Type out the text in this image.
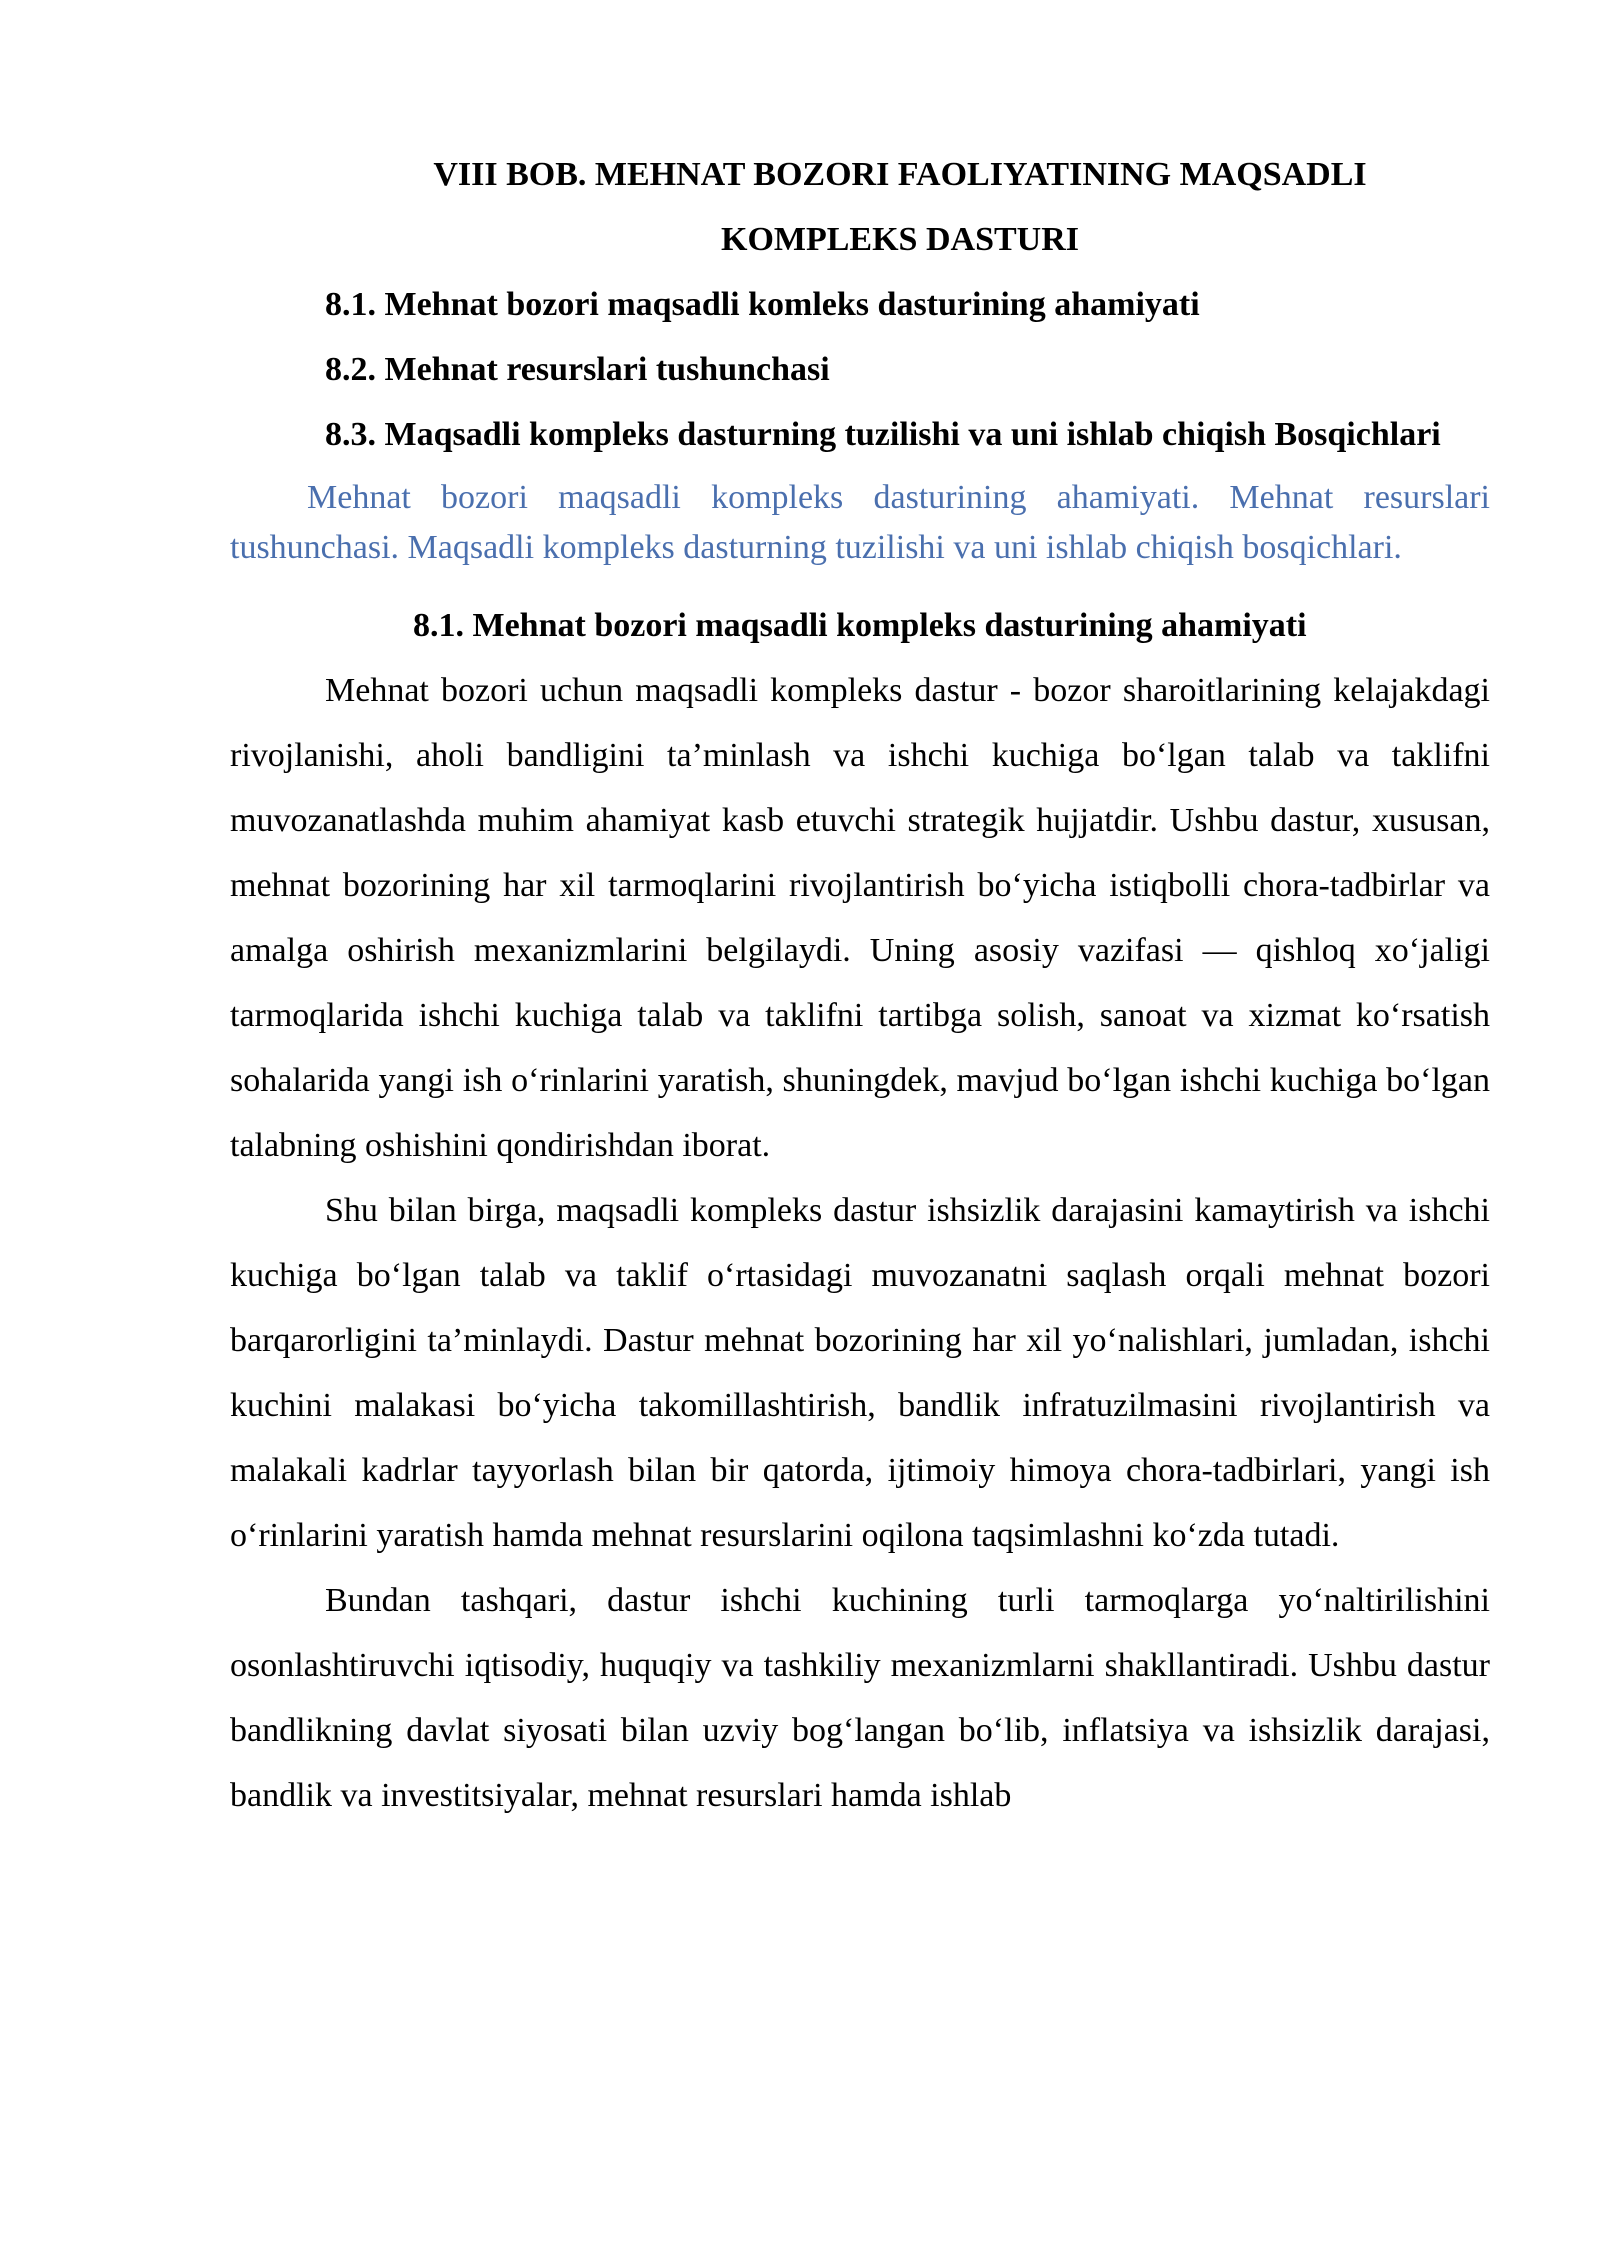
VIII BOB. MEHNAT BOZORI FAOLIYATINING MAQSADLI

KOMPLEKS DASTURI

8.1. Mehnat bozori maqsadli komleks dasturining ahamiyati

8.2. Mehnat resurslari tushunchasi

8.3. Maqsadli kompleks dasturning tuzilishi va uni ishlab chiqish Bosqichlari

Mehnat bozori maqsadli kompleks dasturining ahamiyati. Mehnat resurslari tushunchasi. Maqsadli kompleks dasturning tuzilishi va uni ishlab chiqish bosqichlari.

8.1. Mehnat bozori maqsadli kompleks dasturining ahamiyati

Mehnat bozori uchun maqsadli kompleks dastur - bozor sharoitlarining kelajakdagi rivojlanishi, aholi bandligini ta’minlash va ishchi kuchiga bo‘lgan talab va taklifni muvozanatlashda muhim ahamiyat kasb etuvchi strategik hujjatdir. Ushbu dastur, xususan, mehnat bozorining har xil tarmoqlarini rivojlantirish bo‘yicha istiqbolli chora-tadbirlar va amalga oshirish mexanizmlarini belgilaydi. Uning asosiy vazifasi — qishloq xo‘jaligi tarmoqlarida ishchi kuchiga talab va taklifni tartibga solish, sanoat va xizmat ko‘rsatish sohalarida yangi ish o‘rinlarini yaratish, shuningdek, mavjud bo‘lgan ishchi kuchiga bo‘lgan talabning oshishini qondirishdan iborat.

Shu bilan birga, maqsadli kompleks dastur ishsizlik darajasini kamaytirish va ishchi kuchiga bo‘lgan talab va taklif o‘rtasidagi muvozanatni saqlash orqali mehnat bozori barqarorligini ta’minlaydi. Dastur mehnat bozorining har xil yo‘nalishlari, jumladan, ishchi kuchini malakasi bo‘yicha takomillashtirish, bandlik infratuzilmasini rivojlantirish va malakali kadrlar tayyorlash bilan bir qatorda, ijtimoiy himoya chora-tadbirlari, yangi ish o‘rinlarini yaratish hamda mehnat resurslarini oqilona taqsimlashni ko‘zda tutadi.

Bundan tashqari, dastur ishchi kuchining turli tarmoqlarga yo‘naltirilishini osonlashtiruvchi iqtisodiy, huquqiy va tashkiliy mexanizmlarni shakllantiradi. Ushbu dastur bandlikning davlat siyosati bilan uzviy bog‘langan bo‘lib, inflatsiya va ishsizlik darajasi, bandlik va investitsiyalar, mehnat resurslari hamda ishlab
